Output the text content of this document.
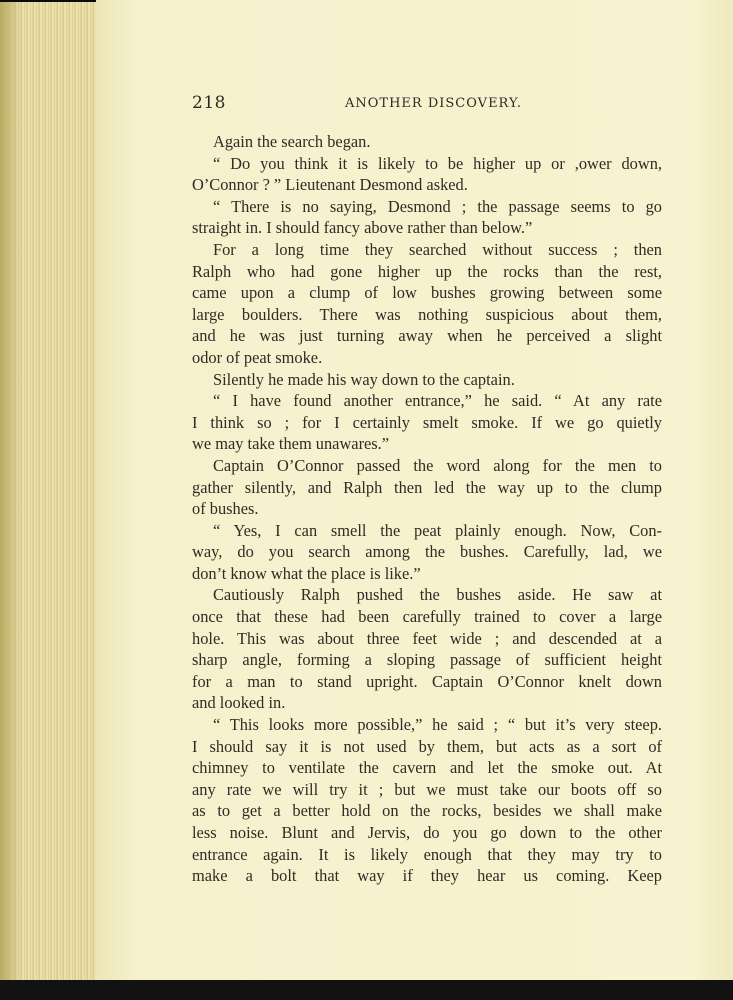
218	ANOTHER DISCOVERY.
Again the search began.
“ Do you think it is likely to be higher up or ,ower down,
O’Connor ? ” Lieutenant Desmond asked.
“ There is no saying, Desmond ; the passage seems to go
straight in. I should fancy above rather than below.”
For a long time they searched without success ; then
Ralph who had gone higher up the rocks than the rest,
came upon a clump of low bushes growing between some
large boulders. There was nothing suspicious about them,
and he was just turning away when he perceived a slight
odor of peat smoke.
Silently he made his way down to the captain.
“ I have found another entrance,” he said. “ At any rate
I think so ; for I certainly smelt smoke. If we go quietly
we may take them unawares.”
Captain O’Connor passed the word along for the men to
gather silently, and Ralph then led the way up to the clump
of bushes.
“ Yes, I can smell the peat plainly enough. Now, Con-
way, do you search among the bushes. Carefully, lad, we
don’t know what the place is like.”
Cautiously Ralph pushed the bushes aside. He saw at
once that these had been carefully trained to cover a large
hole. This was about three feet wide ; and descended at a
sharp angle, forming a sloping passage of sufficient height
for a man to stand upright. Captain O’Connor knelt down
and looked in.
“ This looks more possible,” he said ; “ but it’s very steep.
I should say it is not used by them, but acts as a sort of
chimney to ventilate the cavern and let the smoke out. At
any rate we will try it ; but we must take our boots off so
as to get a better hold on the rocks, besides we shall make
less noise. Blunt and Jervis, do you go down to the other
entrance again. It is likely enough that they may try to
make a bolt that way if they hear us coming. Keep
